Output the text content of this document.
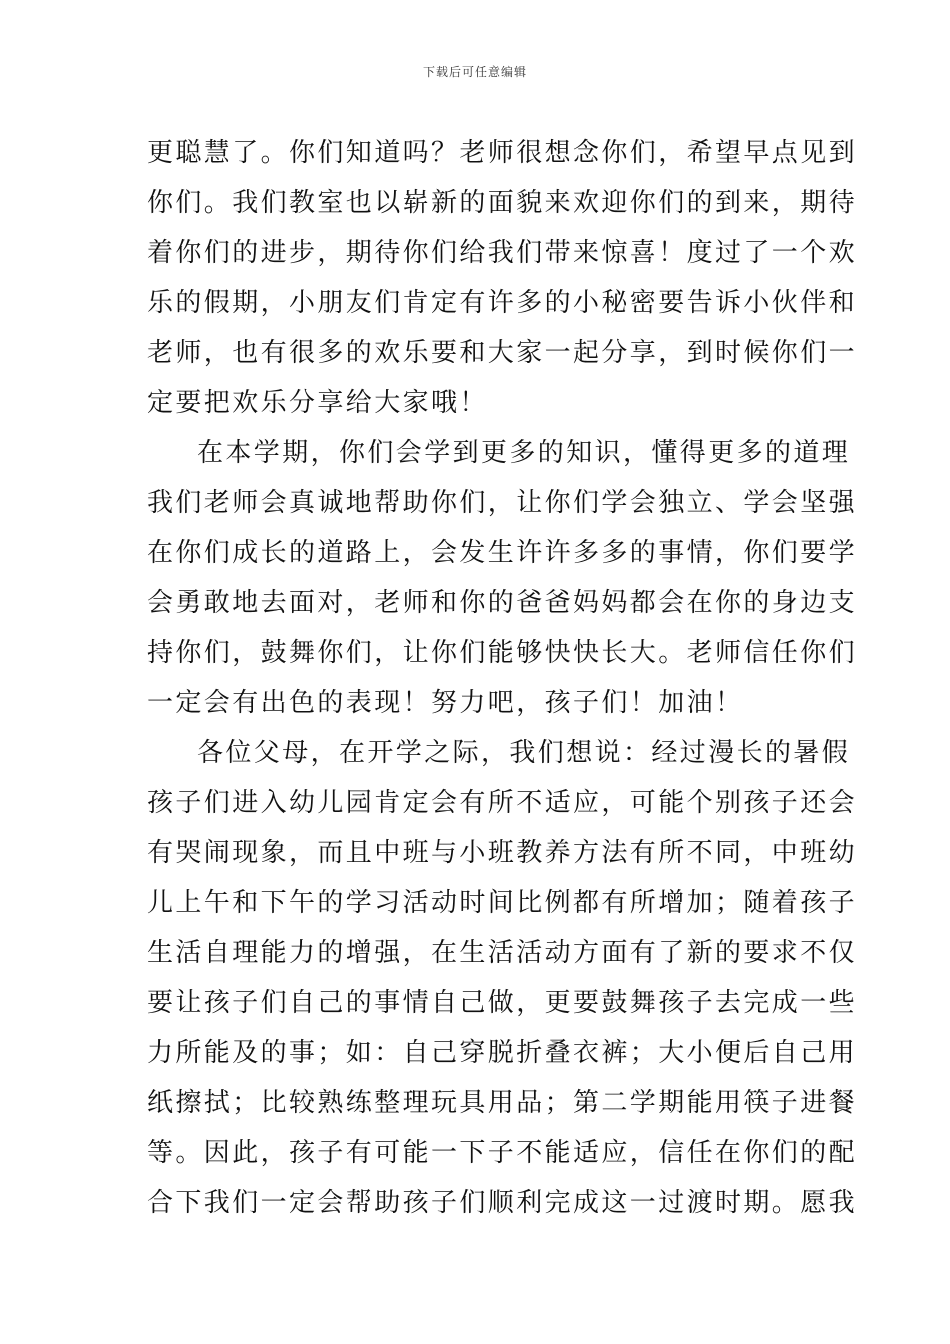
下载后可任意编辑
更聪慧了。你们知道吗？老师很想念你们，希望早点见到
你们。我们教室也以崭新的面貌来欢迎你们的到来，期待
着你们的进步，期待你们给我们带来惊喜！度过了一个欢
乐的假期，小朋友们肯定有许多的小秘密要告诉小伙伴和
老师，也有很多的欢乐要和大家一起分享，到时候你们一
定要把欢乐分享给大家哦！
在本学期，你们会学到更多的知识，懂得更多的道理
我们老师会真诚地帮助你们，让你们学会独立、学会坚强
在你们成长的道路上，会发生许许多多的事情，你们要学
会勇敢地去面对，老师和你的爸爸妈妈都会在你的身边支
持你们，鼓舞你们，让你们能够快快长大。老师信任你们
一定会有出色的表现！努力吧，孩子们！加油！
各位父母，在开学之际，我们想说：经过漫长的暑假
孩子们进入幼儿园肯定会有所不适应，可能个别孩子还会
有哭闹现象，而且中班与小班教养方法有所不同，中班幼
儿上午和下午的学习活动时间比例都有所增加；随着孩子
生活自理能力的增强，在生活活动方面有了新的要求不仅
要让孩子们自己的事情自己做，更要鼓舞孩子去完成一些
力所能及的事；如：自己穿脱折叠衣裤；大小便后自己用
纸擦拭；比较熟练整理玩具用品；第二学期能用筷子进餐
等。因此，孩子有可能一下子不能适应，信任在你们的配
合下我们一定会帮助孩子们顺利完成这一过渡时期。愿我
